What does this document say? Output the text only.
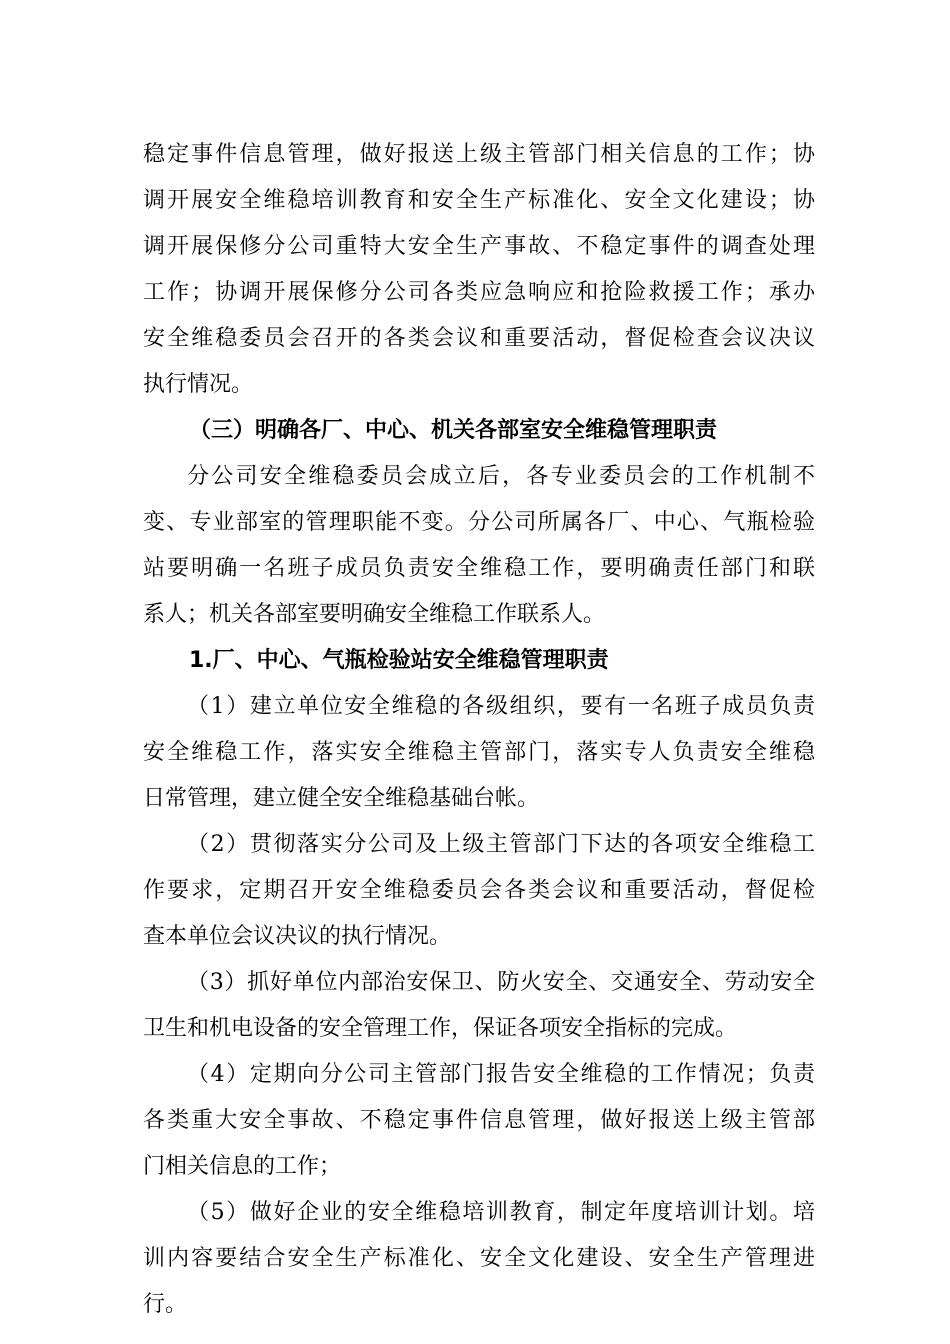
稳定事件信息管理，做好报送上级主管部门相关信息的工作；协
调开展安全维稳培训教育和安全生产标准化、安全文化建设；协
调开展保修分公司重特大安全生产事故、不稳定事件的调查处理
工作；协调开展保修分公司各类应急响应和抢险救援工作；承办
安全维稳委员会召开的各类会议和重要活动，督促检查会议决议
执行情况。
（三）明确各厂、中心、机关各部室安全维稳管理职责
分公司安全维稳委员会成立后，各专业委员会的工作机制不
变、专业部室的管理职能不变。分公司所属各厂、中心、气瓶检验
站要明确一名班子成员负责安全维稳工作，要明确责任部门和联
系人；机关各部室要明确安全维稳工作联系人。
1.厂、中心、气瓶检验站安全维稳管理职责
（1）建立单位安全维稳的各级组织，要有一名班子成员负责
安全维稳工作，落实安全维稳主管部门，落实专人负责安全维稳
日常管理，建立健全安全维稳基础台帐。
（2）贯彻落实分公司及上级主管部门下达的各项安全维稳工
作要求，定期召开安全维稳委员会各类会议和重要活动，督促检
查本单位会议决议的执行情况。
（3）抓好单位内部治安保卫、防火安全、交通安全、劳动安全
卫生和机电设备的安全管理工作，保证各项安全指标的完成。
（4）定期向分公司主管部门报告安全维稳的工作情况；负责
各类重大安全事故、不稳定事件信息管理，做好报送上级主管部
门相关信息的工作；
（5）做好企业的安全维稳培训教育，制定年度培训计划。培
训内容要结合安全生产标准化、安全文化建设、安全生产管理进
行。
